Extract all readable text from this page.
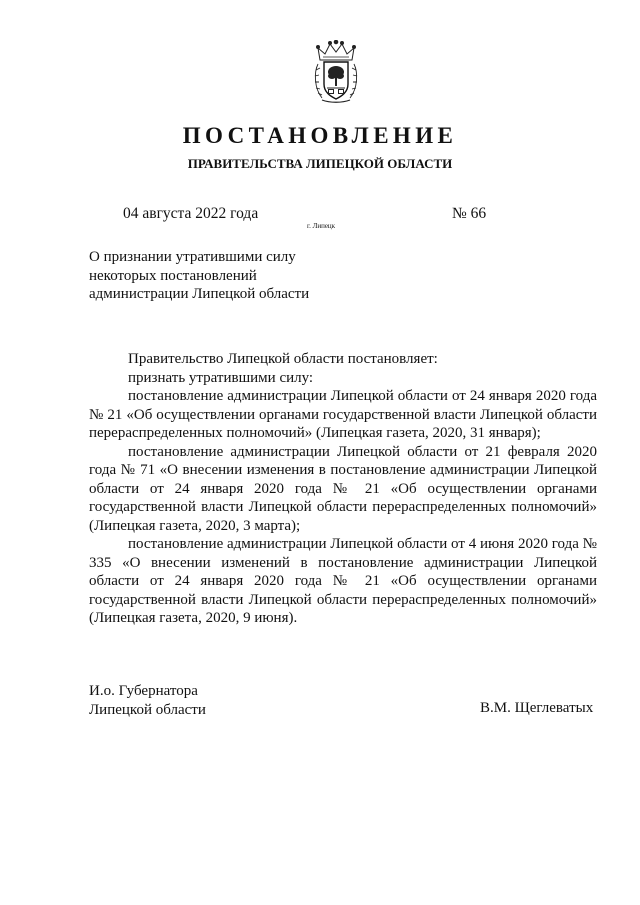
ПОСТАНОВЛЕНИЕ
ПРАВИТЕЛЬСТВА ЛИПЕЦКОЙ ОБЛАСТИ
04 августа 2022 года
г. Липецк
№ 66
О признании утратившими силу
некоторых постановлений
администрации Липецкой области

Правительство Липецкой области постановляет:

признать утратившими силу:

постановление администрации Липецкой области от 24 января 2020 года № 21 «Об осуществлении органами государственной власти Липецкой области перераспределенных полномочий» (Липецкая газета, 2020, 31 января);

постановление администрации Липецкой области от 21 февраля 2020 года № 71 «О внесении изменения в постановление администрации Липецкой области от 24 января 2020 года № 21 «Об осуществлении органами государственной власти Липецкой области перераспределенных полномочий» (Липецкая газета, 2020, 3 марта);

постановление администрации Липецкой области от 4 июня 2020 года № 335 «О внесении изменений в постановление администрации Липецкой области от 24 января 2020 года № 21 «Об осуществлении органами государственной власти Липецкой области перераспределенных полномочий» (Липецкая газета, 2020, 9 июня).

И.о. Губернатора
Липецкой области	В.М. Щеглеватых
